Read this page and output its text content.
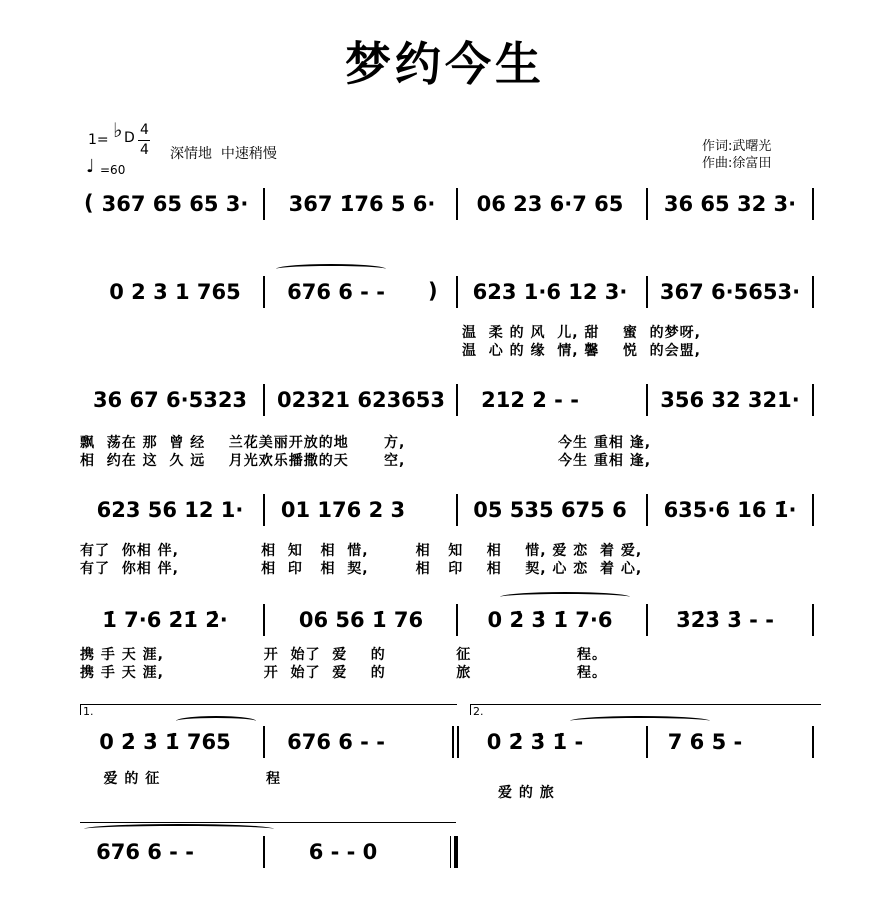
梦约今生
1= ♭ D 4
4 深情地  中速稍慢
♩ =60
作词:武曙光
作曲:徐富田
( 367 65 65 3·	367 1̇76 5 6·	06 23 6·7 65	36 65 32 3·
0 2 3 1 765	676 6 - -	)	623 1·6 12 3·	367 6·5653·
温  柔 的 风  儿, 甜    蜜  的梦呀,
温  心 的 缘  情, 馨    悦  的会盟,
36 67 6·5323	02321 623653	212 2 - -	356 32 321·
飘  荡在 那  曾 经    兰花美丽开放的地      方,                          今生 重相 逢,
相  约在 这  久 远    月光欢乐播撒的天      空,                          今生 重相 逢,
623 56 12 1·	01 176 2 3	05 535 675 6	635·6 16 1̇·
有了  你相 伴,              相  知   相  惜,        相   知    相    惜, 爱 恋  着 爱,
有了  你相 伴,              相  印   相  契,        相   印    相    契, 心 恋  着 心,
1̇ 7·6 2̇1̇ 2̇·	06 56 1̇ 76	0 2̇ 3̇ 1̇ 7·6	3̇2̇3̇ 3̇ - -
携 手 天 涯,                 开  始了  爱    的            征                  程。
携 手 天 涯,                 开  始了  爱    的            旅                  程。
1.	2.
0 2̇ 3̇ 1̇ 765	676 6 - -	0 2̇ 3̇ 1̇ -	7 6 5 -
爱 的 征                  程
爱 的 旅
676 6 - -	6 - - 0
